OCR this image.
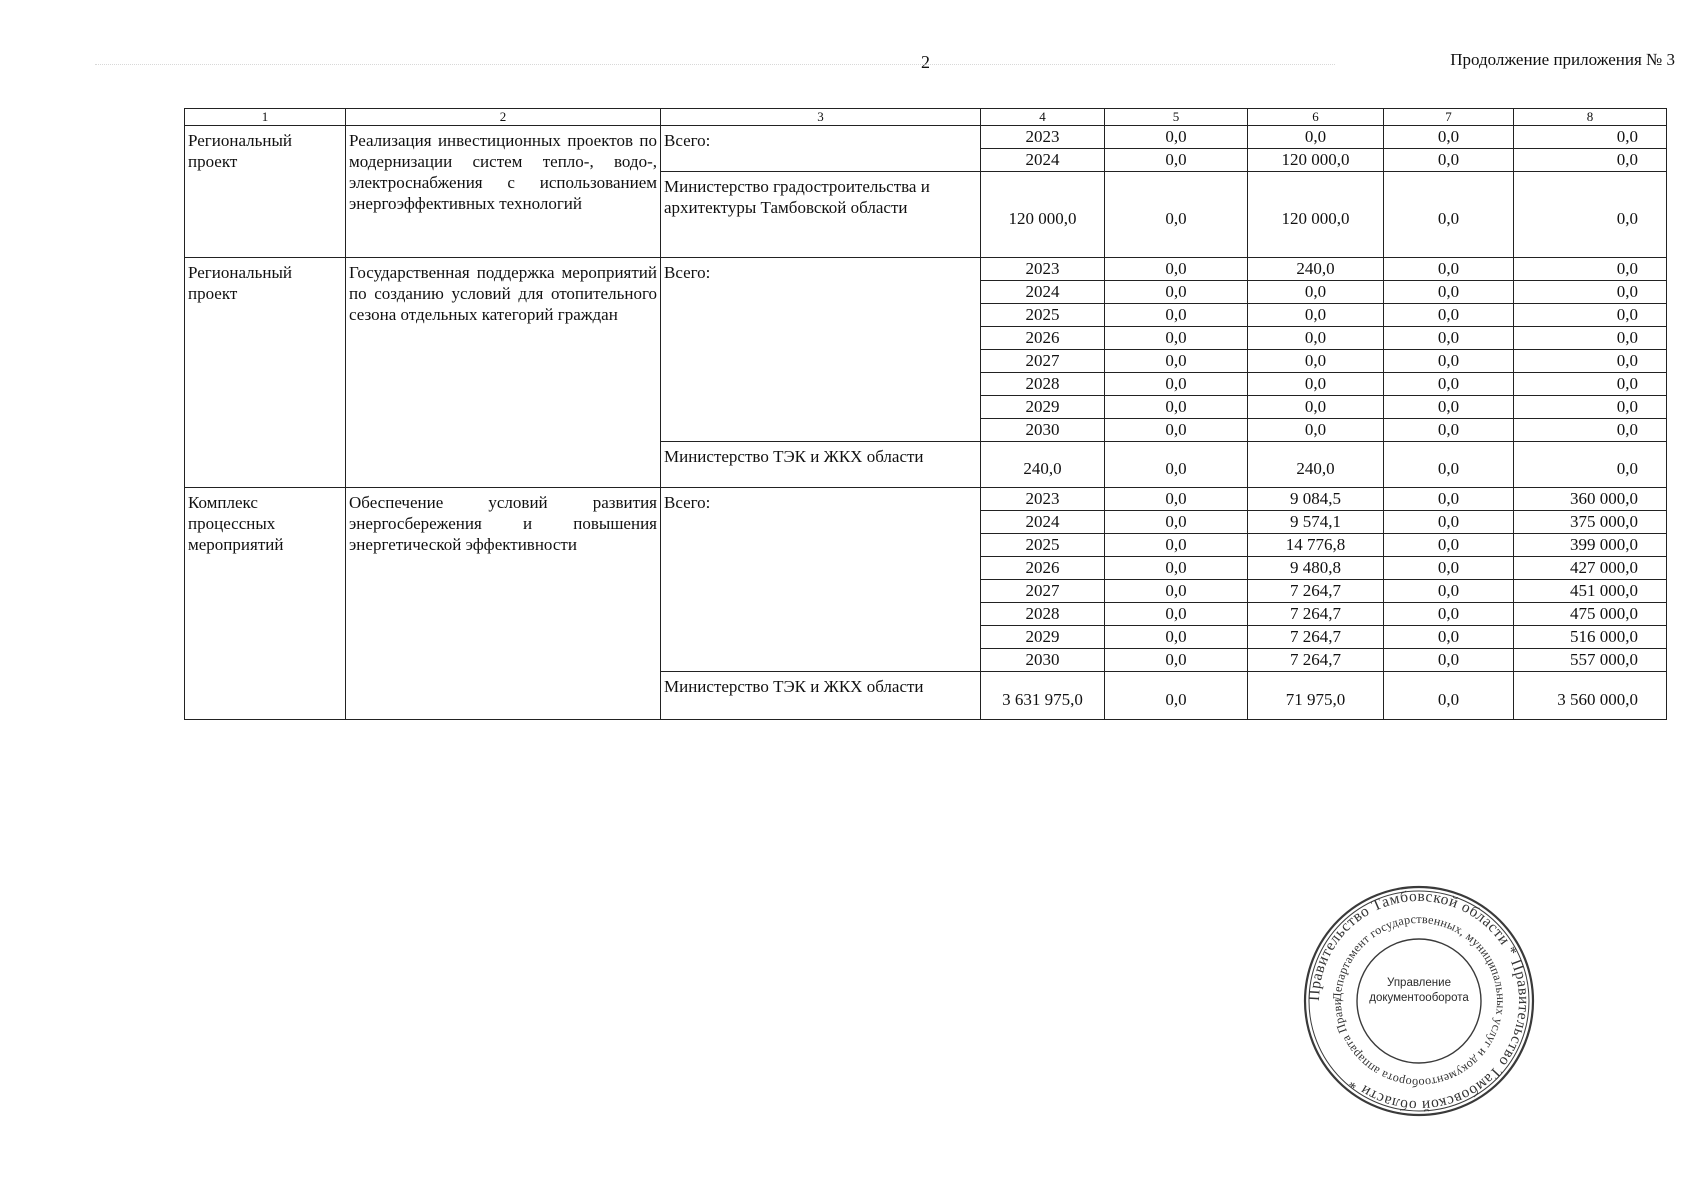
2	Продолжение приложения № 3
1	2	3	4	5	6	7	8
Региональный проект	Реализация инвестиционных проектов по модернизации систем тепло-, водо-, электроснабжения с использованием энергоэффективных технологий	Всего:	2023	0,0	0,0	0,0	0,0
			2024	0,0	120 000,0	0,0	0,0
		Министерство градостроительства и архитектуры Тамбовской области	120 000,0	0,0	120 000,0	0,0	0,0
Региональный проект	Государственная поддержка мероприятий по созданию условий для отопительного сезона отдельных категорий граждан	Всего:	2023	0,0	240,0	0,0	0,0
			2024	0,0	0,0	0,0	0,0
			2025	0,0	0,0	0,0	0,0
			2026	0,0	0,0	0,0	0,0
			2027	0,0	0,0	0,0	0,0
			2028	0,0	0,0	0,0	0,0
			2029	0,0	0,0	0,0	0,0
			2030	0,0	0,0	0,0	0,0
		Министерство ТЭК и ЖКХ области	240,0	0,0	240,0	0,0	0,0
Комплекс процессных мероприятий	Обеспечение условий развития энергосбережения и повышения энергетической эффективности	Всего:	2023	0,0	9 084,5	0,0	360 000,0
			2024	0,0	9 574,1	0,0	375 000,0
			2025	0,0	14 776,8	0,0	399 000,0
			2026	0,0	9 480,8	0,0	427 000,0
			2027	0,0	7 264,7	0,0	451 000,0
			2028	0,0	7 264,7	0,0	475 000,0
			2029	0,0	7 264,7	0,0	516 000,0
			2030	0,0	7 264,7	0,0	557 000,0
		Министерство ТЭК и ЖКХ области	3 631 975,0	0,0	71 975,0	0,0	3 560 000,0
Правительство Тамбовской области * Правительство Тамбовской области *
Департамент государственных, муниципальных услуг и документооборота аппарата Прави
Управление документооборота
